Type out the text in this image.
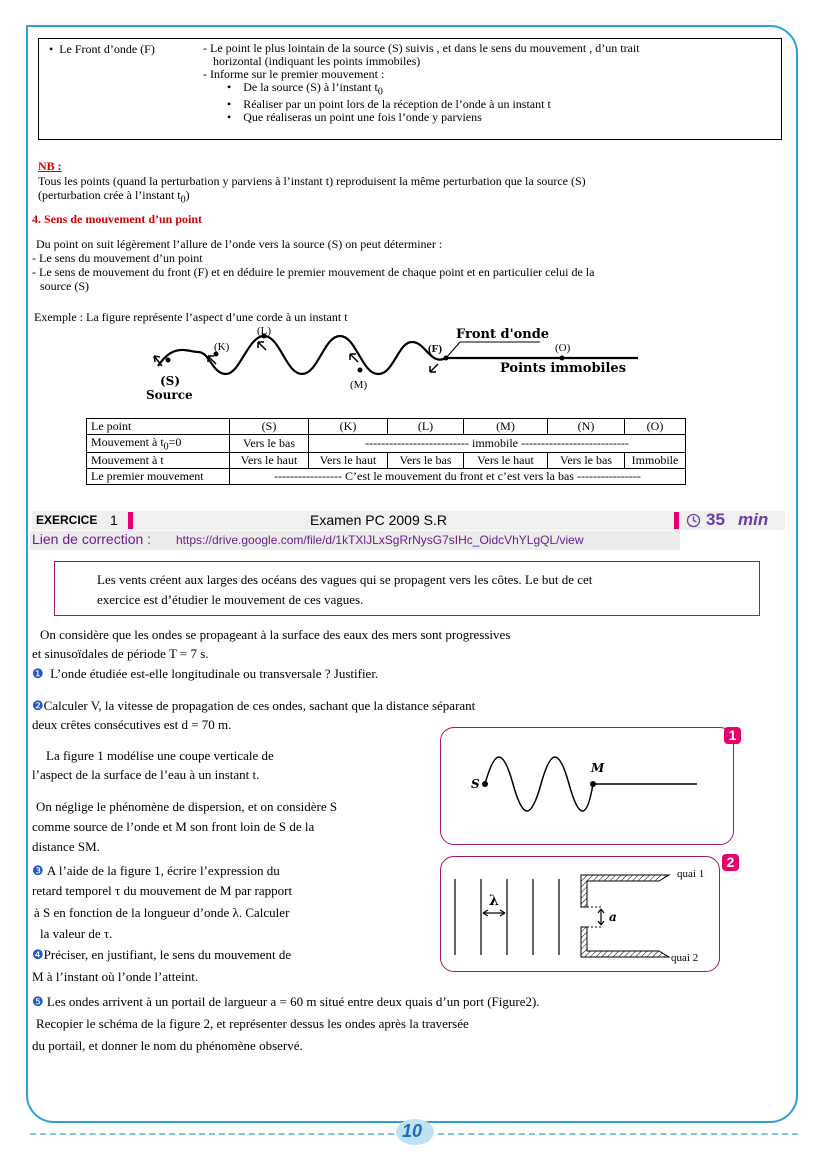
• Le Front d’onde (F)	- Le point le plus lointain de la source (S) suivis , et dans le sens du mouvement , d’un trait
horizontal (indiquant les points immobiles)
- Informe sur le premier mouvement :
•    De la source (S) à l’instant $t_0$
•    Réaliser par un point lors de la réception de l’onde à un instant t
•    Que réaliseras un point une fois l’onde y parviens
NB :
Tous les points (quand la perturbation y parviens à l’instant t) reproduisent la même perturbation que la source (S)
(perturbation crée à l’instant $t_0$)
4. Sens de mouvement d’un point
Du point on suit légèrement l’allure de l’onde vers la source (S) on peut déterminer :
- Le sens du mouvement d’un point
- Le sens de mouvement du front (F) et en déduire le premier mouvement de chaque point et en particulier celui de la
source (S)
Exemple : La figure représente l’aspect d’une corde à un instant t
Front d'onde
Points immobiles
(S)
Source
(K)
(L)
(M)
(F)	(O)
Le point	(S)	(K)	(L)	(M)	(N)	(O)
Mouvement à $t_0=0$	Vers le bas	-------------------------- immobile ---------------------------				
Mouvement à t	Vers le haut	Vers le haut	Vers le bas	Vers le haut	Vers le bas	Immobile
Le premier mouvement	----------------- C’est le mouvement du front et c’est vers la bas ----------------					
EXERCICE 1	Examen PC 2009 S.R	35 min
Lien de correction : https://drive.google.com/file/d/1kTXlJLxSgRrNysG7sIHc_OidcVhYLgQL/view
Les vents créent aux larges des océans des vagues qui se propagent vers les côtes. Le but de cet
exercice est d’étudier le mouvement de ces vagues.

On considère que les ondes se propageant à la surface des eaux des mers sont progressives

et sinusoïdales de période T = 7 s.

❶ L’onde étudiée est-elle longitudinale ou transversale ? Justifier.

❷Calculer V, la vitesse de propagation de ces ondes, sachant que la distance séparant

deux crêtes consécutives est d = 70 m.

La figure 1 modélise une coupe verticale de

l’aspect de la surface de l’eau à un instant t.

On néglige le phénomène de dispersion, et on considère S

comme source de l’onde et M son front loin de S de la

distance SM.

❸ A l’aide de la figure 1, écrire l’expression du

retard temporel τ du mouvement de M par rapport

à S en fonction de la longueur d’onde λ. Calculer

la valeur de τ.

❹Préciser, en justifiant, le sens du mouvement de

M à l’instant où l’onde l’atteint.

❺ Les ondes arrivent à un portail de largueur a = 60 m situé entre deux quais d’un port (Figure2).

Recopier le schéma de la figure 2, et représenter dessus les ondes après la traversée

du portail, et donner le nom du phénomène observé.

S
M
1
λ
a
quai 1
quai 2
2
10
